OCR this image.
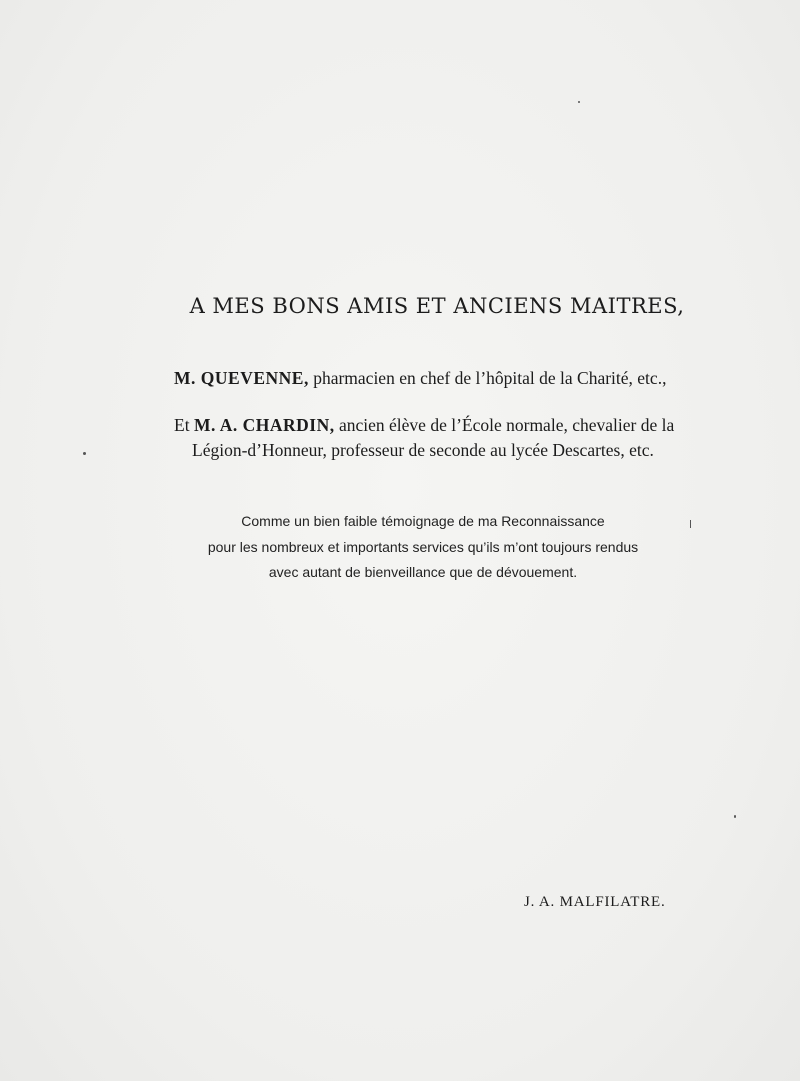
A MES BONS AMIS ET ANCIENS MAITRES,
M. QUEVENNE, pharmacien en chef de l’hôpital de la Charité, etc.,
Et M. A. CHARDIN, ancien élève de l’École normale, chevalier de la
Légion-d’Honneur, professeur de seconde au lycée Descartes, etc.
Comme un bien faible témoignage de ma Reconnaissance
pour les nombreux et importants services qu’ils m’ont toujours rendus
avec autant de bienveillance que de dévouement.
J. A. MALFILATRE.
